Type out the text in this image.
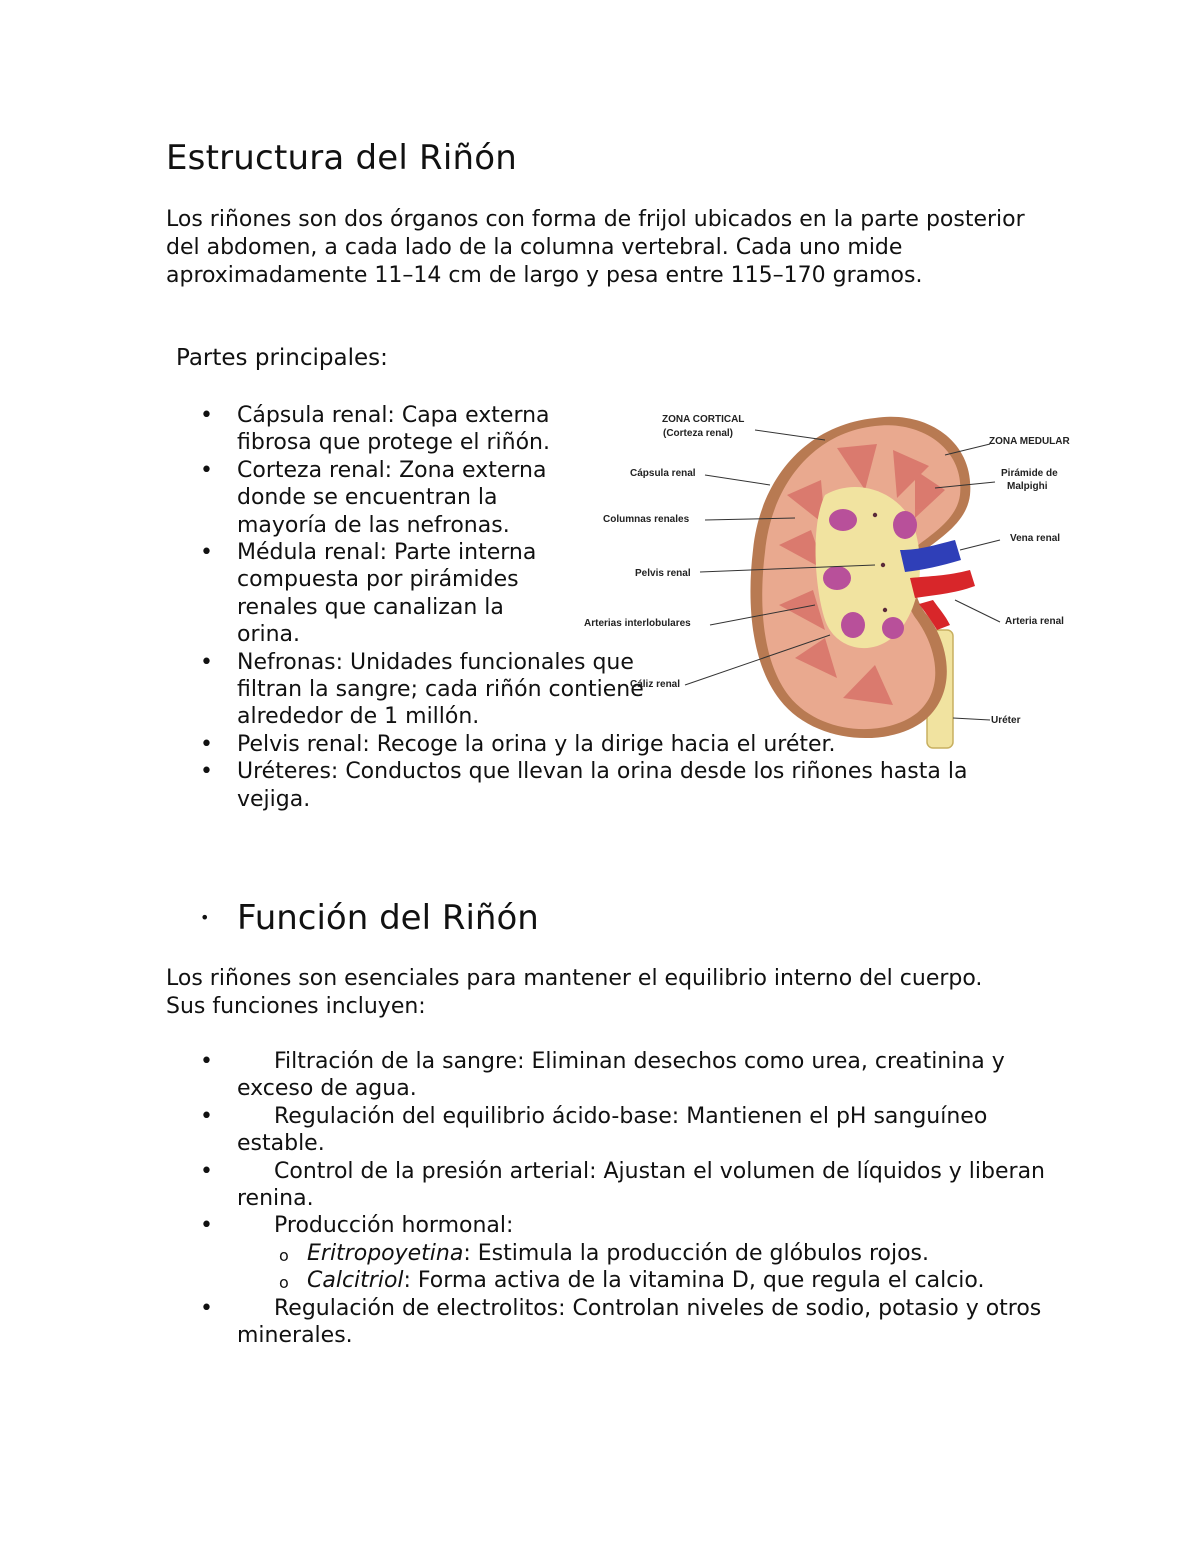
Estructura del Riñón

Los riñones son dos órganos con forma de frijol ubicados en la parte posterior del abdomen, a cada lado de la columna vertebral. Cada uno mide aproximadamente 11–14 cm de largo y pesa entre 115–170 gramos.

Partes principales:
• Cápsula renal: Capa externa fibrosa que protege el riñón.
• Corteza renal: Zona externa donde se encuentran la mayoría de las nefronas.
• Médula renal: Parte interna compuesta por pirámides renales que canalizan la orina.
• Nefronas: Unidades funcionales que filtran la sangre; cada riñón contiene alrededor de 1 millón.
• Pelvis renal: Recoge la orina y la dirige hacia el uréter.
• Uréteres: Conductos que llevan la orina desde los riñones hasta la vejiga.
ZONA CORTICAL
(Corteza renal)
ZONA MEDULAR
Pirámide de
Malpighi
Cápsula renal
Columnas renales
Vena renal
Pelvis renal
Arterias interlobulares	Arteria renal
Cáliz renal
Uréter
• Función del Riñón

Los riñones son esenciales para mantener el equilibrio interno del cuerpo. Sus funciones incluyen:

• Filtración de la sangre: Eliminan desechos como urea, creatinina y exceso de agua.
• Regulación del equilibrio ácido-base: Mantienen el pH sanguíneo estable.
• Control de la presión arterial: Ajustan el volumen de líquidos y liberan renina.
• Producción hormonal:
o Eritropoyetina: Estimula la producción de glóbulos rojos.
o Calcitriol: Forma activa de la vitamina D, que regula el calcio.
• Regulación de electrolitos: Controlan niveles de sodio, potasio y otros minerales.
